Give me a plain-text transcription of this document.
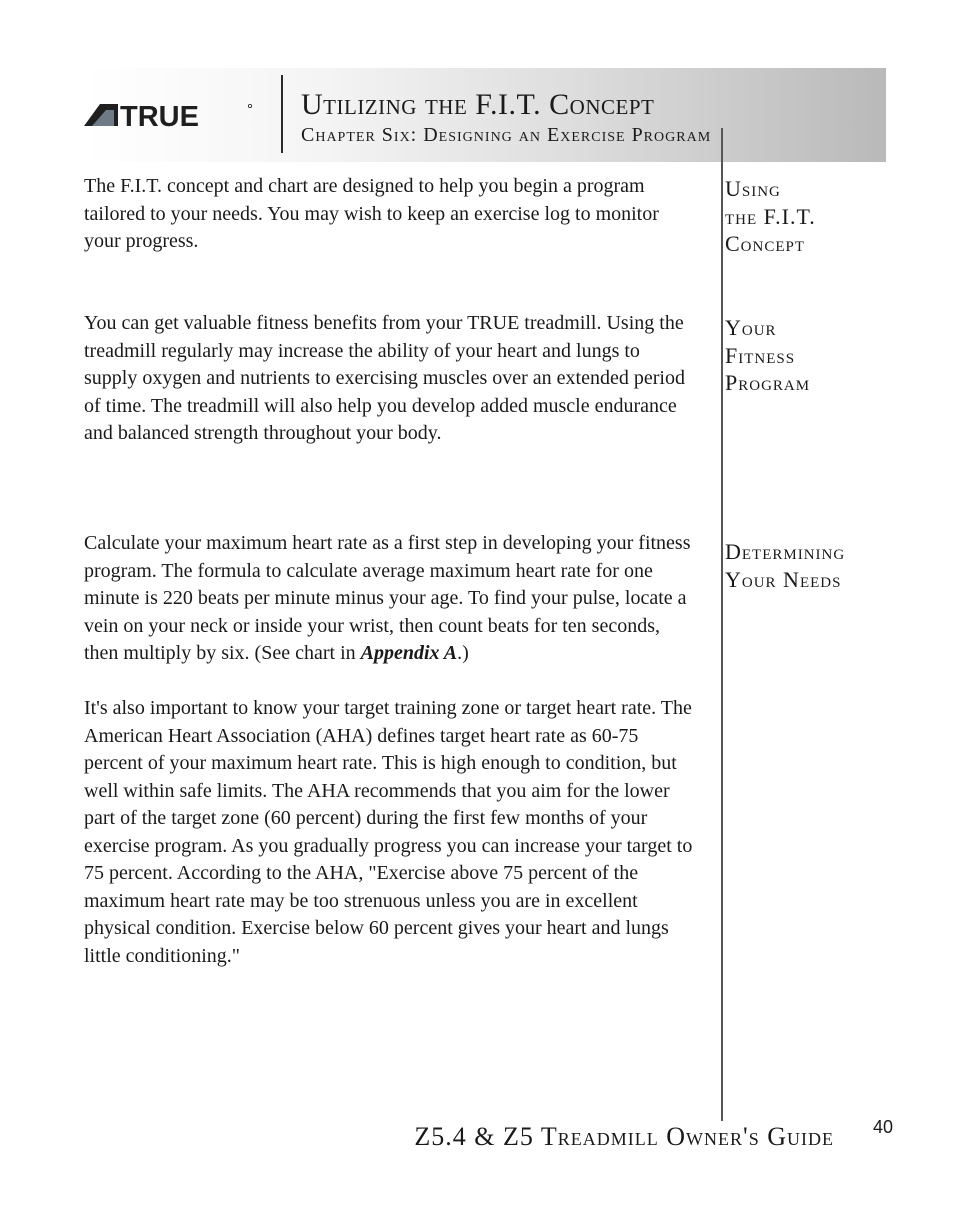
TRUE	Utilizing the F.I.T. Concept
Chapter Six: Designing an Exercise Program
Using
the F.I.T.
Concept

The F.I.T. concept and chart are designed to help you begin a program tailored to your needs. You may wish to keep an exercise log to monitor your progress.

Your
Fitness
Program

You can get valuable fitness benefits from your TRUE treadmill. Using the treadmill regularly may increase the ability of your heart and lungs to supply oxygen and nutrients to exercising muscles over an extended period of time. The treadmill will also help you develop added muscle endurance and balanced strength throughout your body.

Determining
Your Needs

Calculate your maximum heart rate as a first step in developing your fitness program. The formula to calculate average maximum heart rate for one minute is 220 beats per minute minus your age. To find your pulse, locate a vein on your neck or inside your wrist, then count beats for ten seconds, then multiply by six. (See chart in Appendix A.)

It's also important to know your target training zone or target heart rate. The American Heart Association (AHA) defines target heart rate as 60-75 percent of your maximum heart rate. This is high enough to condition, but well within safe limits. The AHA recommends that you aim for the lower part of the target zone (60 percent) during the first few months of your exercise program. As you gradually progress you can increase your target to 75 percent. According to the AHA, "Exercise above 75 percent of the maximum heart rate may be too strenuous unless you are in excellent physical condition. Exercise below 60 percent gives your heart and lungs little conditioning."

Z5.4 & Z5 Treadmill Owner's Guide 40
